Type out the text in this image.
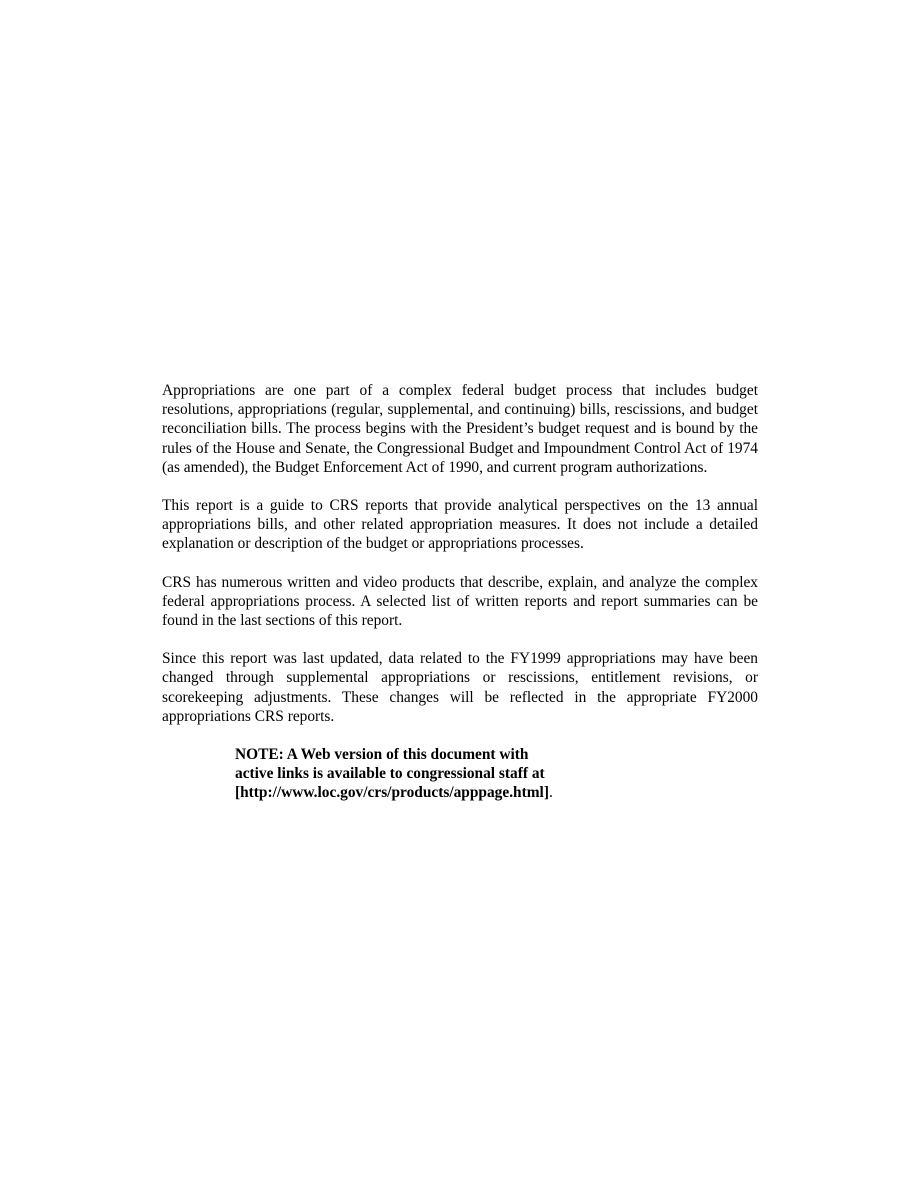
Appropriations are one part of a complex federal budget process that includes budget resolutions, appropriations (regular, supplemental, and continuing) bills, rescissions, and budget reconciliation bills. The process begins with the President’s budget request and is bound by the rules of the House and Senate, the Congressional Budget and Impoundment Control Act of 1974 (as amended), the Budget Enforcement Act of 1990, and current program authorizations.

This report is a guide to CRS reports that provide analytical perspectives on the 13 annual appropriations bills, and other related appropriation measures. It does not include a detailed explanation or description of the budget or appropriations processes.

CRS has numerous written and video products that describe, explain, and analyze the complex federal appropriations process. A selected list of written reports and report summaries can be found in the last sections of this report.

Since this report was last updated, data related to the FY1999 appropriations may have been changed through supplemental appropriations or rescissions, entitlement revisions, or scorekeeping adjustments. These changes will be reflected in the appropriate FY2000 appropriations CRS reports.

NOTE: A Web version of this document with
active links is available to congressional staff at
[http://www.loc.gov/crs/products/apppage.html].
